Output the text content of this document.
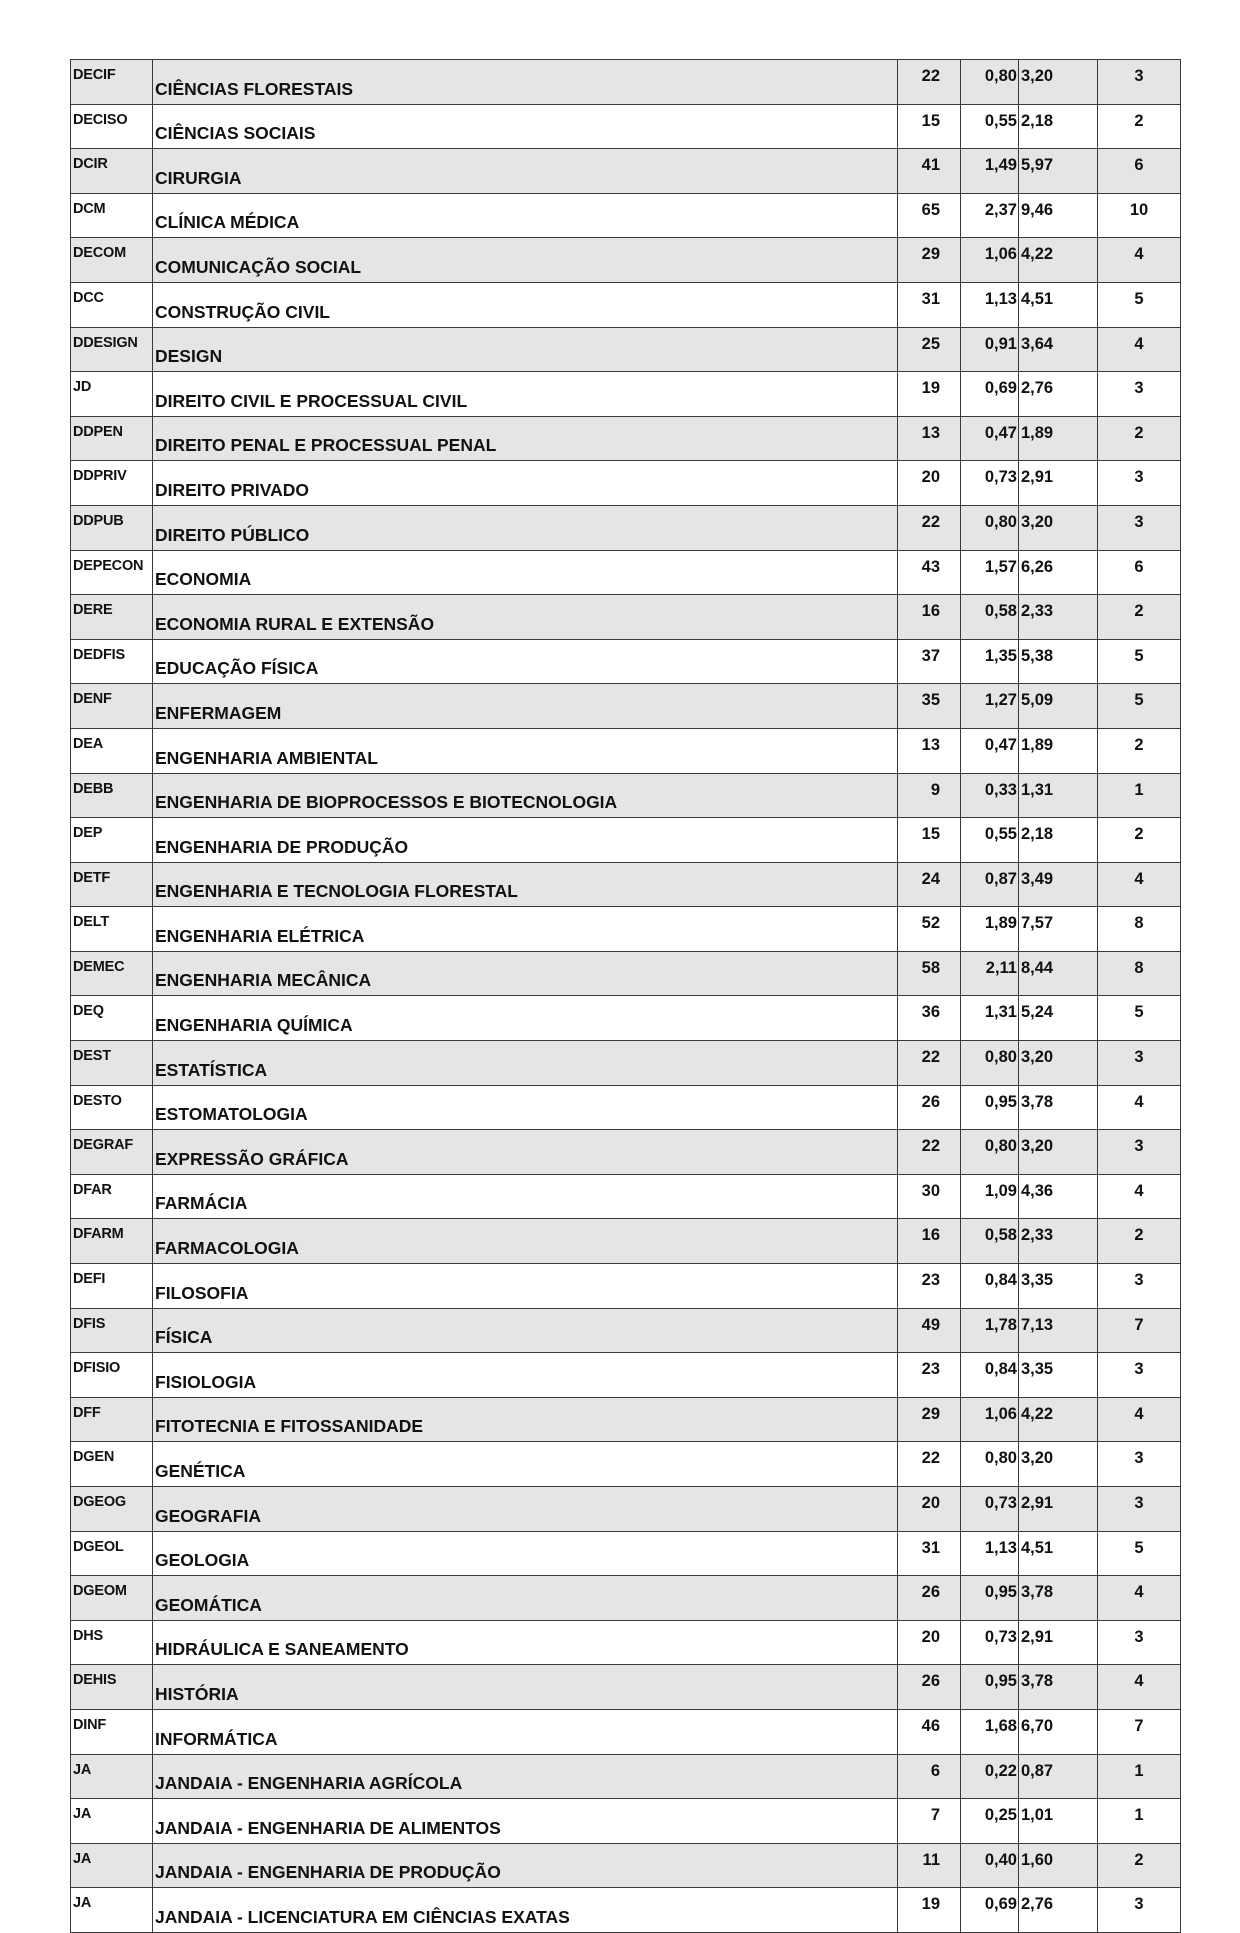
DECIF	CIÊNCIAS FLORESTAIS	22	0,80	3,20	3
DECISO	CIÊNCIAS SOCIAIS	15	0,55	2,18	2
DCIR	CIRURGIA	41	1,49	5,97	6
DCM	CLÍNICA MÉDICA	65	2,37	9,46	10
DECOM	COMUNICAÇÃO SOCIAL	29	1,06	4,22	4
DCC	CONSTRUÇÃO CIVIL	31	1,13	4,51	5
DDESIGN	DESIGN	25	0,91	3,64	4
JD	DIREITO CIVIL E PROCESSUAL CIVIL	19	0,69	2,76	3
DDPEN	DIREITO PENAL E PROCESSUAL PENAL	13	0,47	1,89	2
DDPRIV	DIREITO PRIVADO	20	0,73	2,91	3
DDPUB	DIREITO PÚBLICO	22	0,80	3,20	3
DEPECON	ECONOMIA	43	1,57	6,26	6
DERE	ECONOMIA RURAL E EXTENSÃO	16	0,58	2,33	2
DEDFIS	EDUCAÇÃO FÍSICA	37	1,35	5,38	5
DENF	ENFERMAGEM	35	1,27	5,09	5
DEA	ENGENHARIA AMBIENTAL	13	0,47	1,89	2
DEBB	ENGENHARIA DE BIOPROCESSOS E BIOTECNOLOGIA	9	0,33	1,31	1
DEP	ENGENHARIA DE PRODUÇÃO	15	0,55	2,18	2
DETF	ENGENHARIA E TECNOLOGIA FLORESTAL	24	0,87	3,49	4
DELT	ENGENHARIA ELÉTRICA	52	1,89	7,57	8
DEMEC	ENGENHARIA MECÂNICA	58	2,11	8,44	8
DEQ	ENGENHARIA QUÍMICA	36	1,31	5,24	5
DEST	ESTATÍSTICA	22	0,80	3,20	3
DESTO	ESTOMATOLOGIA	26	0,95	3,78	4
DEGRAF	EXPRESSÃO GRÁFICA	22	0,80	3,20	3
DFAR	FARMÁCIA	30	1,09	4,36	4
DFARM	FARMACOLOGIA	16	0,58	2,33	2
DEFI	FILOSOFIA	23	0,84	3,35	3
DFIS	FÍSICA	49	1,78	7,13	7
DFISIO	FISIOLOGIA	23	0,84	3,35	3
DFF	FITOTECNIA E FITOSSANIDADE	29	1,06	4,22	4
DGEN	GENÉTICA	22	0,80	3,20	3
DGEOG	GEOGRAFIA	20	0,73	2,91	3
DGEOL	GEOLOGIA	31	1,13	4,51	5
DGEOM	GEOMÁTICA	26	0,95	3,78	4
DHS	HIDRÁULICA E SANEAMENTO	20	0,73	2,91	3
DEHIS	HISTÓRIA	26	0,95	3,78	4
DINF	INFORMÁTICA	46	1,68	6,70	7
JA	JANDAIA - ENGENHARIA AGRÍCOLA	6	0,22	0,87	1
JA	JANDAIA - ENGENHARIA DE ALIMENTOS	7	0,25	1,01	1
JA	JANDAIA - ENGENHARIA DE PRODUÇÃO	11	0,40	1,60	2
JA	JANDAIA - LICENCIATURA EM CIÊNCIAS EXATAS	19	0,69	2,76	3
